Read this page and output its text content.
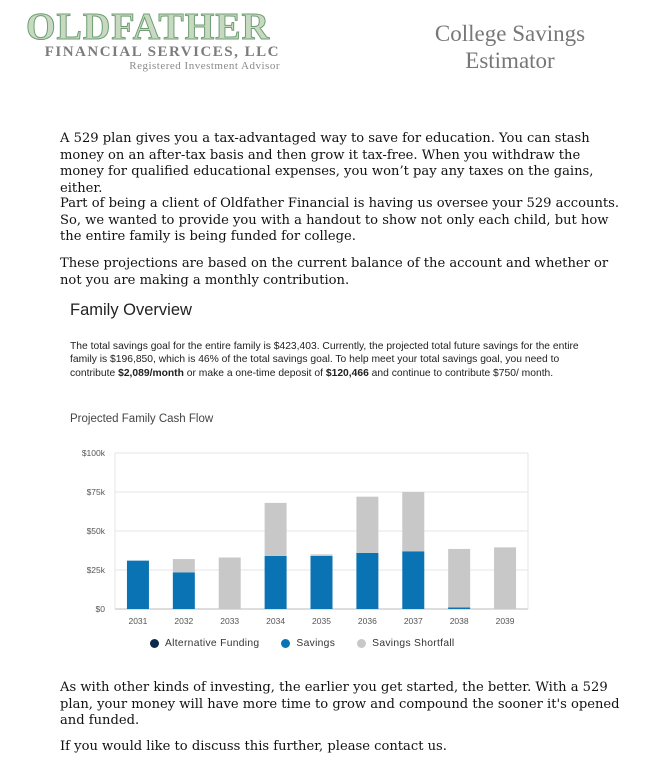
OLDFATHER
FINANCIAL SERVICES, LLC
Registered Investment Advisor
College Savings
Estimator

A 529 plan gives you a tax-advantaged way to save for education. You can stash money on an after-tax basis and then grow it tax-free. When you withdraw the money for qualified educational expenses, you won’t pay any taxes on the gains, either.

Part of being a client of Oldfather Financial is having us oversee your 529 accounts. So, we wanted to provide you with a handout to show not only each child, but how the entire family is being funded for college.

These projections are based on the current balance of the account and whether or not you are making a monthly contribution.

Family Overview
The total savings goal for the entire family is $423,403. Currently, the projected total future savings for the entire family is $196,850, which is 46% of the total savings goal. To help meet your total savings goal, you need to contribute $2,089/month or make a one-time deposit of $120,466 and continue to contribute $750/ month.
Projected Family Cash Flow
$0
$25k
$50k
$75k
$100k
2031	2032	2033	2034	2035	2036	2037	2038	2039
Alternative Funding	Savings	Savings Shortfall

As with other kinds of investing, the earlier you get started, the better. With a 529 plan, your money will have more time to grow and compound the sooner it's opened and funded.

If you would like to discuss this further, please contact us.
